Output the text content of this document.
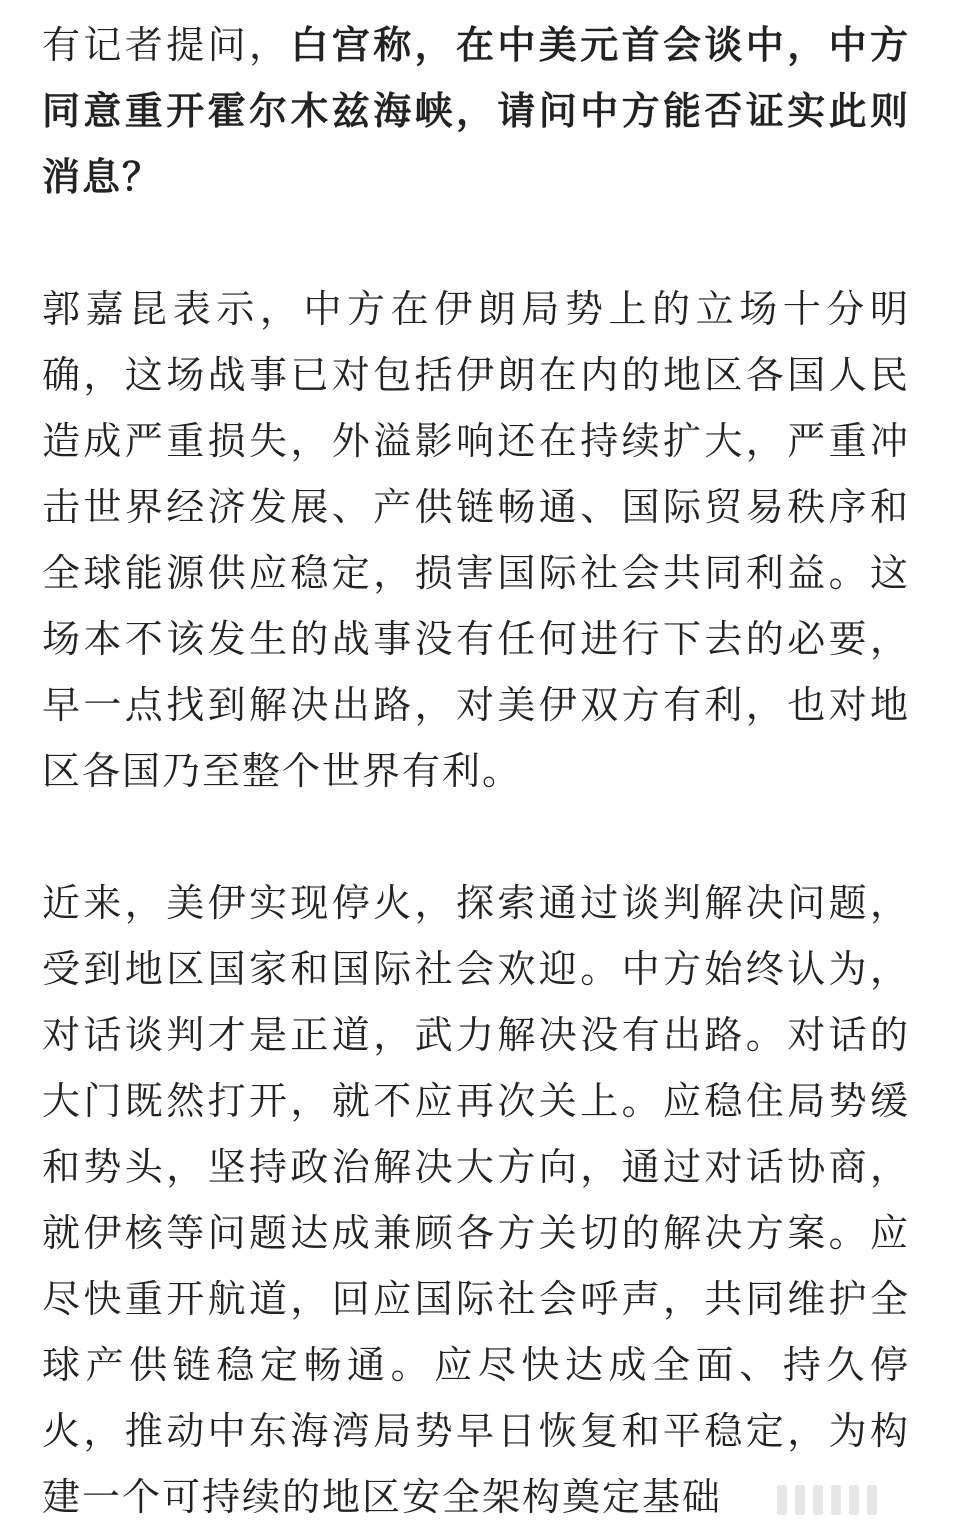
有记者提问，白宫称，在中美元首会谈中，中方同意重开霍尔木兹海峡，请问中方能否证实此则消息？

郭嘉昆表示，中方在伊朗局势上的立场十分明确，这场战事已对包括伊朗在内的地区各国人民造成严重损失，外溢影响还在持续扩大，严重冲击世界经济发展、产供链畅通、国际贸易秩序和全球能源供应稳定，损害国际社会共同利益。这场本不该发生的战事没有任何进行下去的必要，早一点找到解决出路，对美伊双方有利，也对地区各国乃至整个世界有利。

近来，美伊实现停火，探索通过谈判解决问题，受到地区国家和国际社会欢迎。中方始终认为，对话谈判才是正道，武力解决没有出路。对话的大门既然打开，就不应再次关上。应稳住局势缓和势头，坚持政治解决大方向，通过对话协商，就伊核等问题达成兼顾各方关切的解决方案。应尽快重开航道，回应国际社会呼声，共同维护全球产供链稳定畅通。应尽快达成全面、持久停火，推动中东海湾局势早日恢复和平稳定，为构建一个可持续的地区安全架构奠定基础
